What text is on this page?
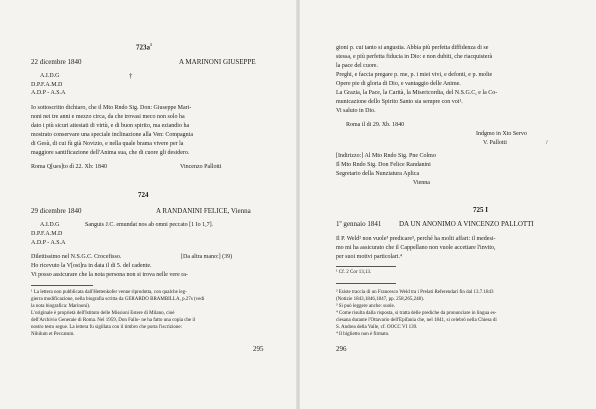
$723a^1$
22 dicembre 1840	A MARINONI GIUSEPPE
A.I.D.G	†
D.P.F.A.M.D
A.D.P - A.S.A
Io sottoscritto dichiaro, che il Mto Rndo Sig. Don: Giuseppe Mari-
noni nei tre anni e mezzo circa, da che trovasi meco non solo ha
dato i più sicuri attestati di virtù, e di buon spirito, ma eziandio ha
mostrato conservare una speciale inclinazione alla Ven: Compagnia
di Gesù, di cui fù già Novizio, e nella quale brama vivere per la
maggiore santificazione dell'Anima sua, che di cuore gli desidero.
Roma Q[ues]to dì 22. Xb: 1840	Vincenzo Pallotti
724
29 dicembre 1840	A RANDANINI FELICE, Vienna
A.I.D.G	Sanguis J.C. emundat nos ab omni peccato [1 Io 1,7].
D.P.F.A.M.D
A.D.P - A.S.A
Dilettissimo nel N.S.G.C. Crocefisso.	[Da altra mano:] (39)
Ho ricevuto la V[ost]ra in data il di 5. del cadente.
Vi posso assicurare che la nota persona non si trova nelle vere ra-
¹ La lettera non pubblicata dall'Hettenkofer venne riprodotta, con qualche leg-
gierra modificazione, nella biografia scritta da GERARDO BRAMBILLA, p.27s (vedi
la nota biografica: Marinoni).
L'originale è proprietà dell'Istituto delle Missioni Estere di Milano, cioè
dell'Archivio Generale di Roma. Nel 1959, Don Fallo- ne ha fatto una copia che il
nostro testo segue. La lettera fu sigillata con il timbro che porta l'iscrizione:
Nihilum et Peccatum.
295
gioni p. cui tanto si angustia. Abbia più perfetta diffidenza di se
stessa, e più perfetta fiducia in Dio: e non dubiti, che riacquisterà
la pace del cuore.
Preghi, e faccia pregare p. me, p. i miei vivi, e defonti, e p. molte
Opere pie di gloria di Dio, e vantaggio delle Anime.
La Grazia, la Pace, la Carità, la Misericordia, del N.S.G.C, e la Co-
municazione dello Spirito Santo sia sempre con voi¹.
Vi saluto in Dio.
Roma il di 29. Xb. 1840
Indgmo in Xto Servo
V. Pallotti	/
[Indirizzo:] Al Mto Rndo Sig. Pne Colmo
Il Mto Rndo Sig. Don Felice Randanini
Segretario della Nunziatura Aplica
Vienna
725 I
1º gennaio 1841	DA UN ANONIMO A VINCENZO PALLOTTI
Il P. Weld² non vuole³ predicare³, perché ha molti affari: il medesi-
mo mi ha assicurato che il Cappellano non vuole accettare l'invito,
per suoi motivi particolari.⁴
¹ Cf. 2 Cor 13,13.
² Esiste traccia di un Francesco Weld tra i Prelati Referendari fin dal 13.7.1843
(Notizie 1843,1846,1847, pp. 258,265,248).
³ Si può leggere anche: suole.
⁴ Come risulta dalla risposta, si tratta delle prediche da pronunciare in lingua es-
clesana durante l'Ottavario dell'Epifania che, nel 1841, si celebrò nella Chiesa di
S. Andrea della Valle, cf. OOCC VI 139.
⁴ Il biglietto non è firmato.
296
